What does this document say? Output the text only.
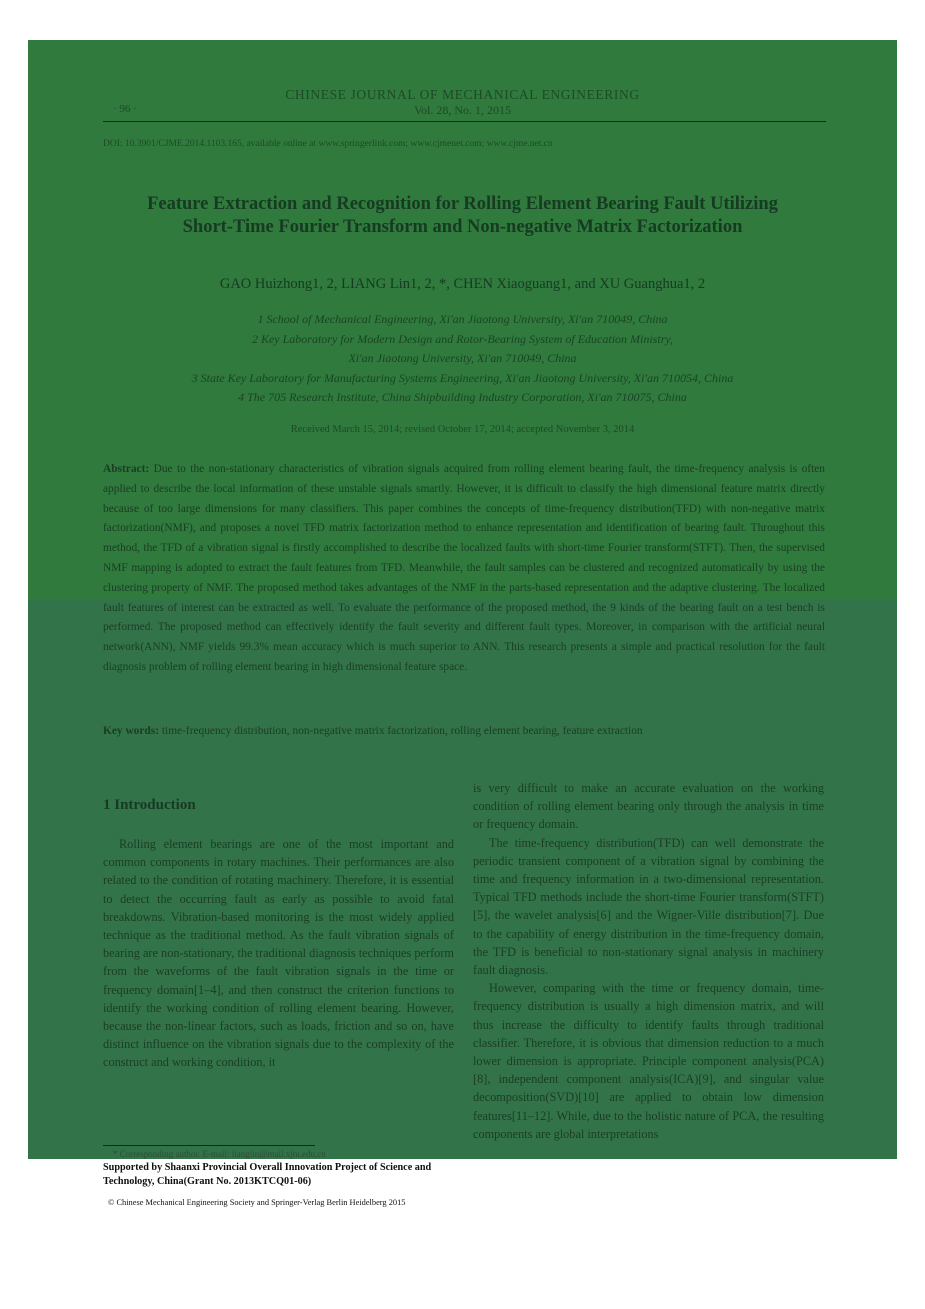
CHINESE JOURNAL OF MECHANICAL ENGINEERING
· 96 ·	Vol. 28, No. 1, 2015
DOI: 10.3901/CJME.2014.1103.165, available online at www.springerlink.com; www.cjmenet.com; www.cjme.net.cn
Feature Extraction and Recognition for Rolling Element Bearing Fault Utilizing
Short-Time Fourier Transform and Non-negative Matrix Factorization
GAO Huizhong1, 2, LIANG Lin1, 2, *, CHEN Xiaoguang1, and XU Guanghua1, 2
1 School of Mechanical Engineering, Xi'an Jiaotong University, Xi'an 710049, China
2 Key Laboratory for Modern Design and Rotor-Bearing System of Education Ministry,
Xi'an Jiaotong University, Xi'an 710049, China
3 State Key Laboratory for Manufacturing Systems Engineering, Xi'an Jiaotong University, Xi'an 710054, China
4 The 705 Research Institute, China Shipbuilding Industry Corporation, Xi'an 710075, China
Received March 15, 2014; revised October 17, 2014; accepted November 3, 2014
Abstract: Due to the non-stationary characteristics of vibration signals acquired from rolling element bearing fault, the time-frequency analysis is often applied to describe the local information of these unstable signals smartly. However, it is difficult to classify the high dimensional feature matrix directly because of too large dimensions for many classifiers. This paper combines the concepts of time-frequency distribution(TFD) with non-negative matrix factorization(NMF), and proposes a novel TFD matrix factorization method to enhance representation and identification of bearing fault. Throughout this method, the TFD of a vibration signal is firstly accomplished to describe the localized faults with short-time Fourier transform(STFT). Then, the supervised NMF mapping is adopted to extract the fault features from TFD. Meanwhile, the fault samples can be clustered and recognized automatically by using the clustering property of NMF. The proposed method takes advantages of the NMF in the parts-based representation and the adaptive clustering. The localized fault features of interest can be extracted as well. To evaluate the performance of the proposed method, the 9 kinds of the bearing fault on a test bench is performed. The proposed method can effectively identify the fault severity and different fault types. Moreover, in comparison with the artificial neural network(ANN), NMF yields 99.3% mean accuracy which is much superior to ANN. This research presents a simple and practical resolution for the fault diagnosis problem of rolling element bearing in high dimensional feature space.
Key words: time-frequency distribution, non-negative matrix factorization, rolling element bearing, feature extraction
1 Introduction

Rolling element bearings are one of the most important and common components in rotary machines. Their performances are also related to the condition of rotating machinery. Therefore, it is essential to detect the occurring fault as early as possible to avoid fatal breakdowns. Vibration-based monitoring is the most widely applied technique as the traditional method. As the fault vibration signals of bearing are non-stationary, the traditional diagnosis techniques perform from the waveforms of the fault vibration signals in the time or frequency domain[1–4], and then construct the criterion functions to identify the working condition of rolling element bearing. However, because the non-linear factors, such as loads, friction and so on, have distinct influence on the vibration signals due to the complexity of the construct and working condition, it

is very difficult to make an accurate evaluation on the working condition of rolling element bearing only through the analysis in time or frequency domain.

The time-frequency distribution(TFD) can well demonstrate the periodic transient component of a vibration signal by combining the time and frequency information in a two-dimensional representation. Typical TFD methods include the short-time Fourier transform(STFT)[5], the wavelet analysis[6] and the Wigner-Ville distribution[7]. Due to the capability of energy distribution in the time-frequency domain, the TFD is beneficial to non-stationary signal analysis in machinery fault diagnosis.

However, comparing with the time or frequency domain, time-frequency distribution is usually a high dimension matrix, and will thus increase the difficulty to identify faults through traditional classifier. Therefore, it is obvious that dimension reduction to a much lower dimension is appropriate. Principle component analysis(PCA)[8], independent component analysis(ICA)[9], and singular value decomposition(SVD)[10] are applied to obtain low dimension features[11–12]. While, due to the holistic nature of PCA, the resulting components are global interpretations

* Corresponding author. E-mail: lianglin@mail.xjtu.edu.cn
Supported by Shaanxi Provincial Overall Innovation Project of Science and Technology, China(Grant No. 2013KTCQ01-06)
© Chinese Mechanical Engineering Society and Springer-Verlag Berlin Heidelberg 2015
